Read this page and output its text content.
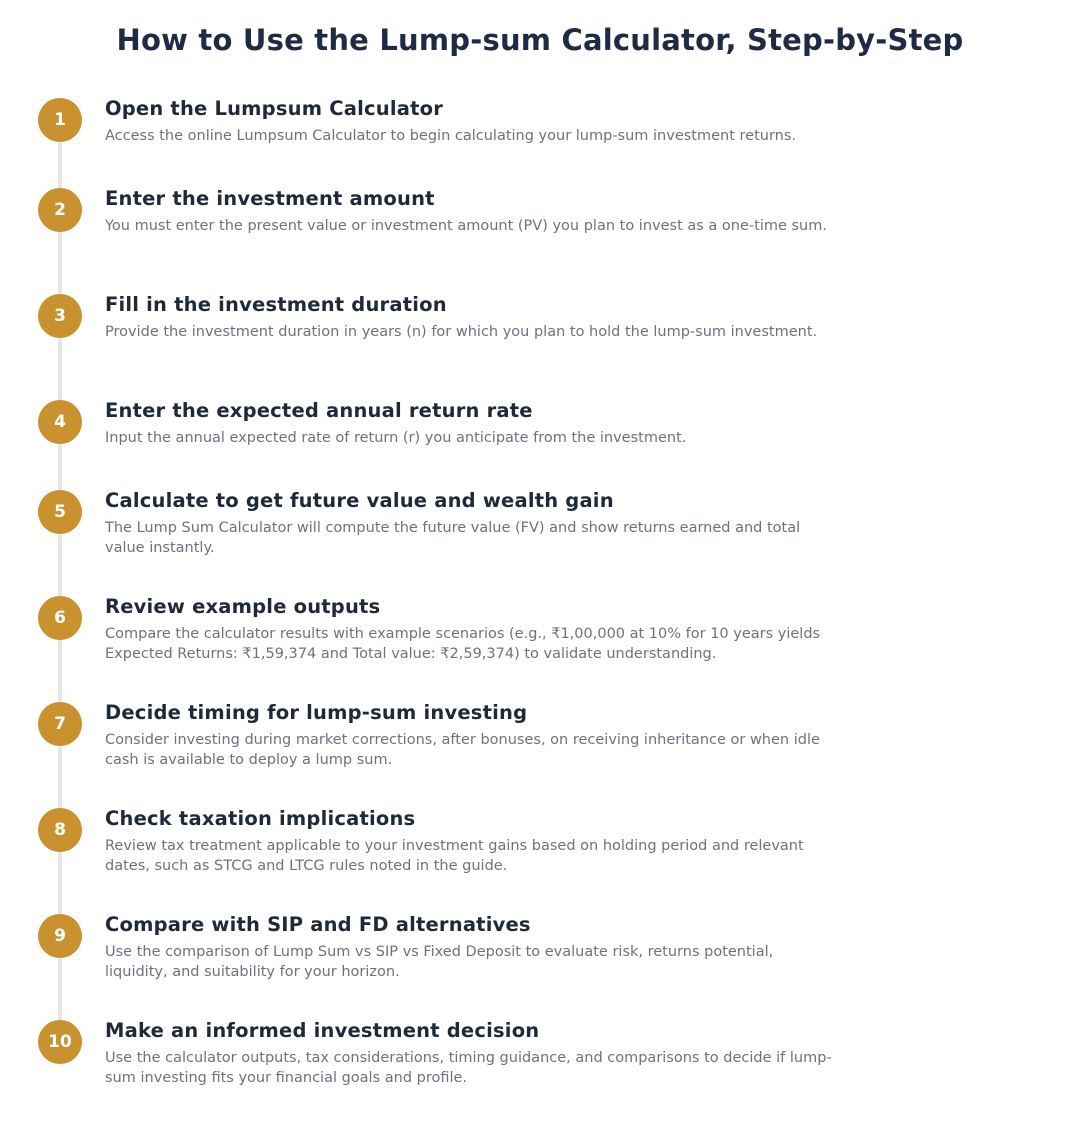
How to Use the Lump-sum Calculator, Step-by-Step
1	Open the Lumpsum Calculator
Access the online Lumpsum Calculator to begin calculating your lump-sum investment returns.
2	Enter the investment amount
You must enter the present value or investment amount (PV) you plan to invest as a one-time sum.
3	Fill in the investment duration
Provide the investment duration in years (n) for which you plan to hold the lump-sum investment.
4	Enter the expected annual return rate
Input the annual expected rate of return (r) you anticipate from the investment.
5	Calculate to get future value and wealth gain
The Lump Sum Calculator will compute the future value (FV) and show returns earned and total value instantly.
6	Review example outputs
Compare the calculator results with example scenarios (e.g., ₹1,00,000 at 10% for 10 years yields Expected Returns: ₹1,59,374 and Total value: ₹2,59,374) to validate understanding.
7	Decide timing for lump-sum investing
Consider investing during market corrections, after bonuses, on receiving inheritance or when idle cash is available to deploy a lump sum.
8	Check taxation implications
Review tax treatment applicable to your investment gains based on holding period and relevant dates, such as STCG and LTCG rules noted in the guide.
9	Compare with SIP and FD alternatives
Use the comparison of Lump Sum vs SIP vs Fixed Deposit to evaluate risk, returns potential, liquidity, and suitability for your horizon.
10	Make an informed investment decision
Use the calculator outputs, tax considerations, timing guidance, and comparisons to decide if lump-sum investing fits your financial goals and profile.
